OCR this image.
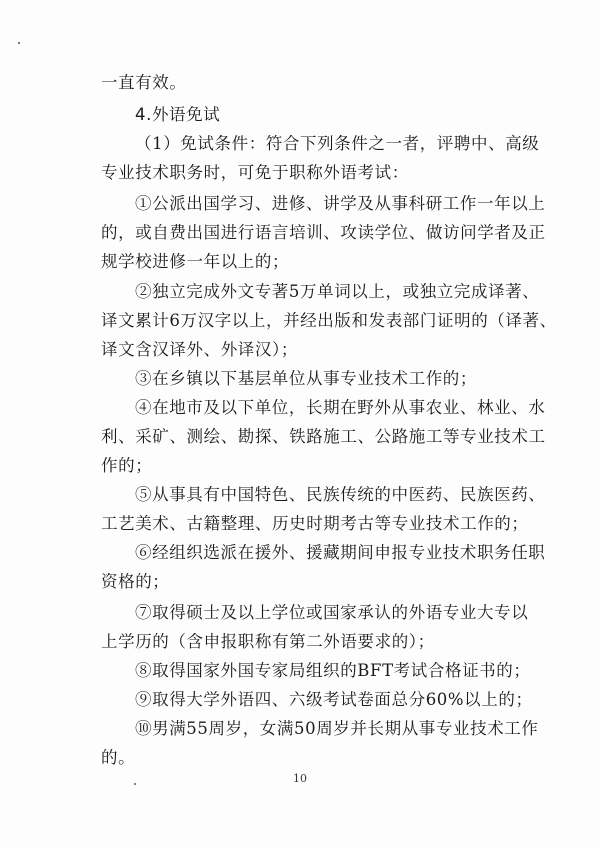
一直有效。
4.外语免试
（1）免试条件：符合下列条件之一者，评聘中、高级
专业技术职务时，可免于职称外语考试：
①公派出国学习、进修、讲学及从事科研工作一年以上
的，或自费出国进行语言培训、攻读学位、做访问学者及正
规学校进修一年以上的；
②独立完成外文专著5万单词以上，或独立完成译著、
译文累计6万汉字以上，并经出版和发表部门证明的（译著、
译文含汉译外、外译汉）；
③在乡镇以下基层单位从事专业技术工作的；
④在地市及以下单位，长期在野外从事农业、林业、水
利、采矿、测绘、勘探、铁路施工、公路施工等专业技术工
作的；
⑤从事具有中国特色、民族传统的中医药、民族医药、
工艺美术、古籍整理、历史时期考古等专业技术工作的；
⑥经组织选派在援外、援藏期间申报专业技术职务任职
资格的；
⑦取得硕士及以上学位或国家承认的外语专业大专以
上学历的（含申报职称有第二外语要求的）；
⑧取得国家外国专家局组织的BFT考试合格证书的；
⑨取得大学外语四、六级考试卷面总分60%以上的；
⑩男满55周岁，女满50周岁并长期从事专业技术工作
的。
10
